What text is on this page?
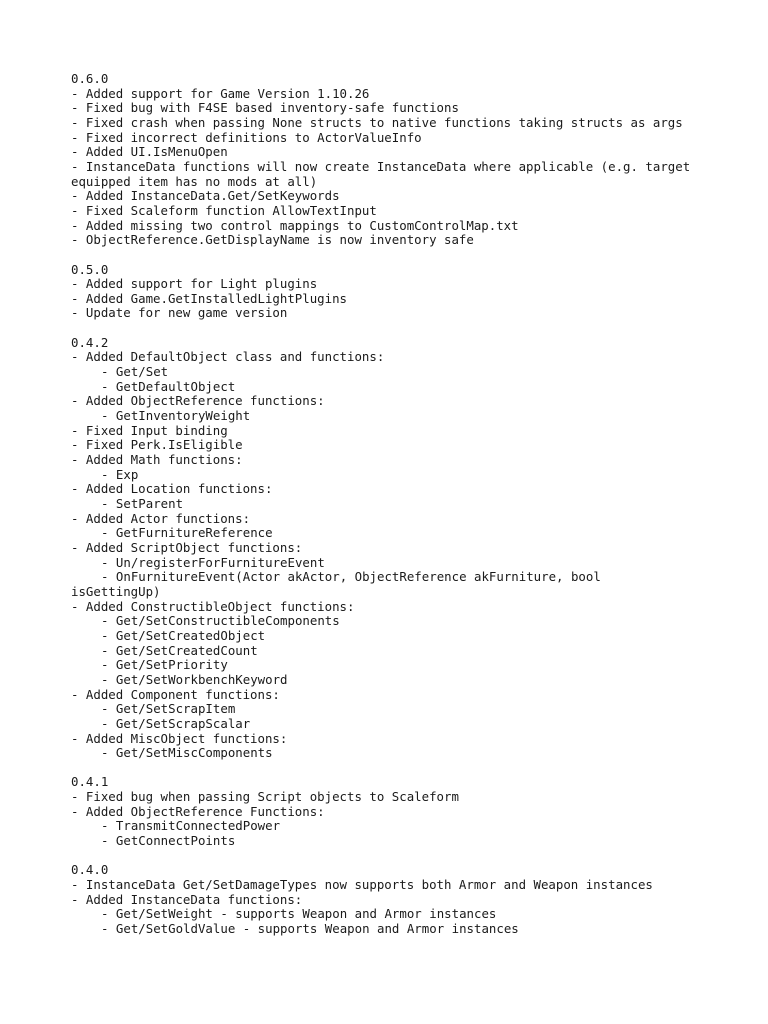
0.6.0
- Added support for Game Version 1.10.26
- Fixed bug with F4SE based inventory-safe functions
- Fixed crash when passing None structs to native functions taking structs as args
- Fixed incorrect definitions to ActorValueInfo
- Added UI.IsMenuOpen
- InstanceData functions will now create InstanceData where applicable (e.g. target equipped item has no mods at all)
- Added InstanceData.Get/SetKeywords
- Fixed Scaleform function AllowTextInput
- Added missing two control mappings to CustomControlMap.txt
- ObjectReference.GetDisplayName is now inventory safe
0.5.0
- Added support for Light plugins
- Added Game.GetInstalledLightPlugins
- Update for new game version
0.4.2
- Added DefaultObject class and functions:
- Get/Set
- GetDefaultObject
- Added ObjectReference functions:
- GetInventoryWeight
- Fixed Input binding
- Fixed Perk.IsEligible
- Added Math functions:
- Exp
- Added Location functions:
- SetParent
- Added Actor functions:
- GetFurnitureReference
- Added ScriptObject functions:
- Un/registerForFurnitureEvent
- OnFurnitureEvent(Actor akActor, ObjectReference akFurniture, bool
isGettingUp)
- Added ConstructibleObject functions:
- Get/SetConstructibleComponents
- Get/SetCreatedObject
- Get/SetCreatedCount
- Get/SetPriority
- Get/SetWorkbenchKeyword
- Added Component functions:
- Get/SetScrapItem
- Get/SetScrapScalar
- Added MiscObject functions:
- Get/SetMiscComponents
0.4.1
- Fixed bug when passing Script objects to Scaleform
- Added ObjectReference Functions:
- TransmitConnectedPower
- GetConnectPoints
0.4.0
- InstanceData Get/SetDamageTypes now supports both Armor and Weapon instances
- Added InstanceData functions:
- Get/SetWeight - supports Weapon and Armor instances
- Get/SetGoldValue - supports Weapon and Armor instances
